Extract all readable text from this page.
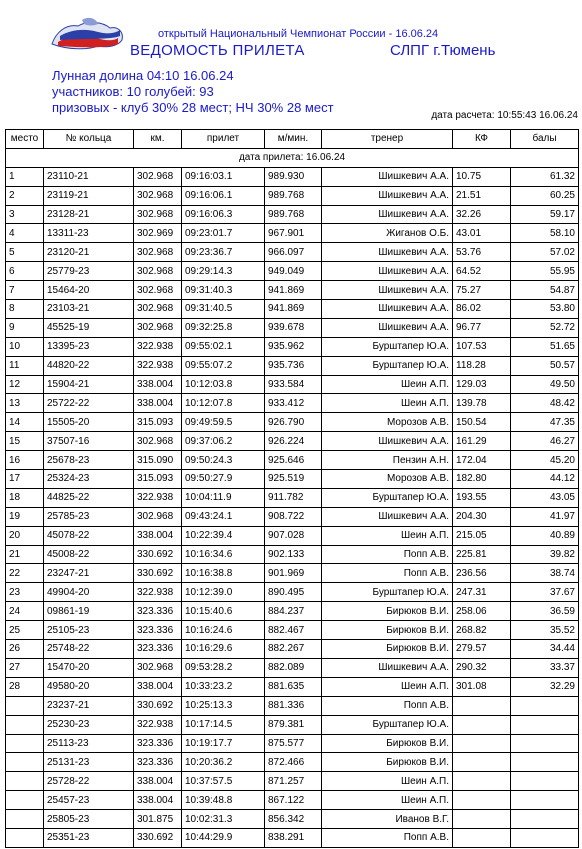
открытый Национальный Чемпионат России - 16.06.24
ВЕДОМОСТЬ ПРИЛЕТА	СЛПГ г.Тюмень
Лунная долина 04:10 16.06.24
участников: 10 голубей: 93
призовых - клуб 30% 28 мест; НЧ 30% 28 мест
дата расчета: 10:55:43 16.06.24
место	№ кольца	км.	прилет	м/мин.	тренер	КФ	балы
дата прилета: 16.06.24							
1	23110-21	302.968	09:16:03.1	989.930	Шишкевич А.А.	10.75	61.32
2	23119-21	302.968	09:16:06.1	989.768	Шишкевич А.А.	21.51	60.25
3	23128-21	302.968	09:16:06.3	989.768	Шишкевич А.А.	32.26	59.17
4	13311-23	302.969	09:23:01.7	967.901	Жиганов О.Б.	43.01	58.10
5	23120-21	302.968	09:23:36.7	966.097	Шишкевич А.А.	53.76	57.02
6	25779-23	302.968	09:29:14.3	949.049	Шишкевич А.А.	64.52	55.95
7	15464-20	302.968	09:31:40.3	941.869	Шишкевич А.А.	75.27	54.87
8	23103-21	302.968	09:31:40.5	941.869	Шишкевич А.А.	86.02	53.80
9	45525-19	302.968	09:32:25.8	939.678	Шишкевич А.А.	96.77	52.72
10	13395-23	322.938	09:55:02.1	935.962	Бурштапер Ю.А.	107.53	51.65
11	44820-22	322.938	09:55:07.2	935.736	Бурштапер Ю.А.	118.28	50.57
12	15904-21	338.004	10:12:03.8	933.584	Шеин А.П.	129.03	49.50
13	25722-22	338.004	10:12:07.8	933.412	Шеин А.П.	139.78	48.42
14	15505-20	315.093	09:49:59.5	926.790	Морозов А.В.	150.54	47.35
15	37507-16	302.968	09:37:06.2	926.224	Шишкевич А.А.	161.29	46.27
16	25678-23	315.090	09:50:24.3	925.646	Пензин А.Н.	172.04	45.20
17	25324-23	315.093	09:50:27.9	925.519	Морозов А.В.	182.80	44.12
18	44825-22	322.938	10:04:11.9	911.782	Бурштапер Ю.А.	193.55	43.05
19	25785-23	302.968	09:43:24.1	908.722	Шишкевич А.А.	204.30	41.97
20	45078-22	338.004	10:22:39.4	907.028	Шеин А.П.	215.05	40.89
21	45008-22	330.692	10:16:34.6	902.133	Попп А.В.	225.81	39.82
22	23247-21	330.692	10:16:38.8	901.969	Попп А.В.	236.56	38.74
23	49904-20	322.938	10:12:39.0	890.495	Бурштапер Ю.А.	247.31	37.67
24	09861-19	323.336	10:15:40.6	884.237	Бирюков В.И.	258.06	36.59
25	25105-23	323.336	10:16:24.6	882.467	Бирюков В.И.	268.82	35.52
26	25748-22	323.336	10:16:29.6	882.267	Бирюков В.И.	279.57	34.44
27	15470-20	302.968	09:53:28.2	882.089	Шишкевич А.А.	290.32	33.37
28	49580-20	338.004	10:33:23.2	881.635	Шеин А.П.	301.08	32.29
	23237-21	330.692	10:25:13.3	881.336	Попп А.В.		
	25230-23	322.938	10:17:14.5	879.381	Бурштапер Ю.А.		
	25113-23	323.336	10:19:17.7	875.577	Бирюков В.И.		
	25131-23	323.336	10:20:36.2	872.466	Бирюков В.И.		
	25728-22	338.004	10:37:57.5	871.257	Шеин А.П.		
	25457-23	338.004	10:39:48.8	867.122	Шеин А.П.		
	25805-23	301.875	10:02:31.3	856.342	Иванов В.Г.		
	25351-23	330.692	10:44:29.9	838.291	Попп А.В.		
